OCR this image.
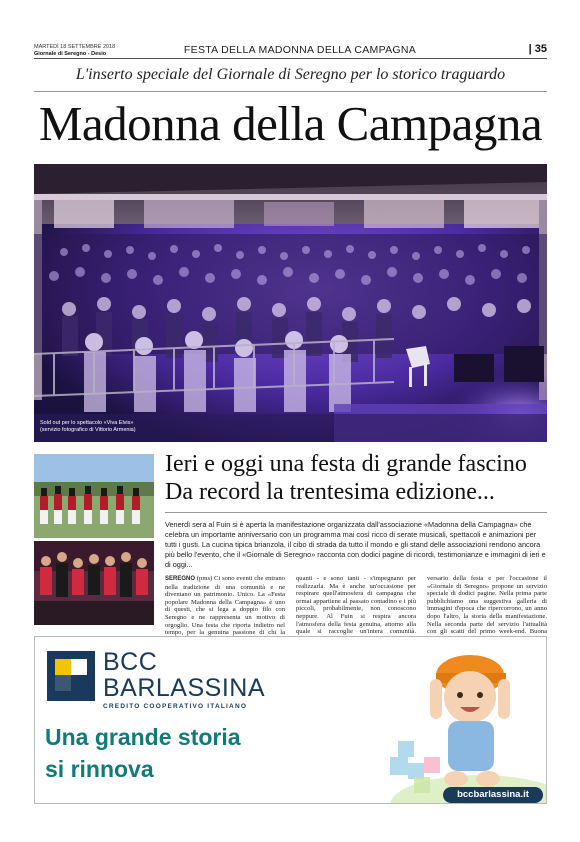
MARTEDÌ 18 SETTEMBRE 2018
Giornale di Seregno - Desio	FESTA DELLA MADONNA DELLA CAMPAGNA	| 35
L'inserto speciale del Giornale di Seregno per lo storico traguardo
Madonna della Campagna
Sold out per lo spettacolo «Viva Elvis»
(servizio fotografico di Vittorio Armenia)
Ieri e oggi una festa di grande fascino
Da record la trentesima edizione...
Venerdì sera al Fuin si è aperta la manifestazione organizzata dall'associazione «Madonna della Campagna» che celebra un importante anniversario con un programma mai così ricco di serate musicali, spettacoli e animazioni per tutti i gusti. La cucina tipica brianzola, il cibo di strada da tutto il mondo e gli stand delle associazioni rendono ancora più bello l'evento, che il «Giornale di Seregno» racconta con dodici pagine di ricordi, testimonianze e immagini di ieri e di oggi...
SEREGNO (pms) Ci sono eventi che entrano nella tradizione di una comunità e ne diventano un patrimonio. Unico. La «Festa popolare Madonna della Campagna» è uno di questi, che si lega a doppio filo con Seregno e ne rappresenta un motivo di orgoglio. Una festa che riporta indietro nel tempo, per la genuina passione di chi la
quanti - e sono tanti - s'impegnano per realizzarla. Ma è anche un'occasione per respirare quell'atmosfera di campagna che ormai appartiene al passato contadino e i più piccoli, probabilmente, non conoscono neppure. Al Fuin si respira ancora l'atmosfera della festa genuina, attorno alla quale si raccoglie un'intera comunità.
versario della festa e per l'occasione il «Giornale di Seregno» propone un servizio speciale di dodici pagine. Nella prima parte pubblichiamo una suggestiva galleria di immagini d'epoca che ripercorrono, un anno dopo l'altro, la storia della manifestazione. Nella seconda parte del servizio l'attualità con gli scatti del primo week-end. Buona
BCC
BARLASSINA
CREDITO COOPERATIVO ITALIANO
Una grande storia
si rinnova
bccbarlassina.it
